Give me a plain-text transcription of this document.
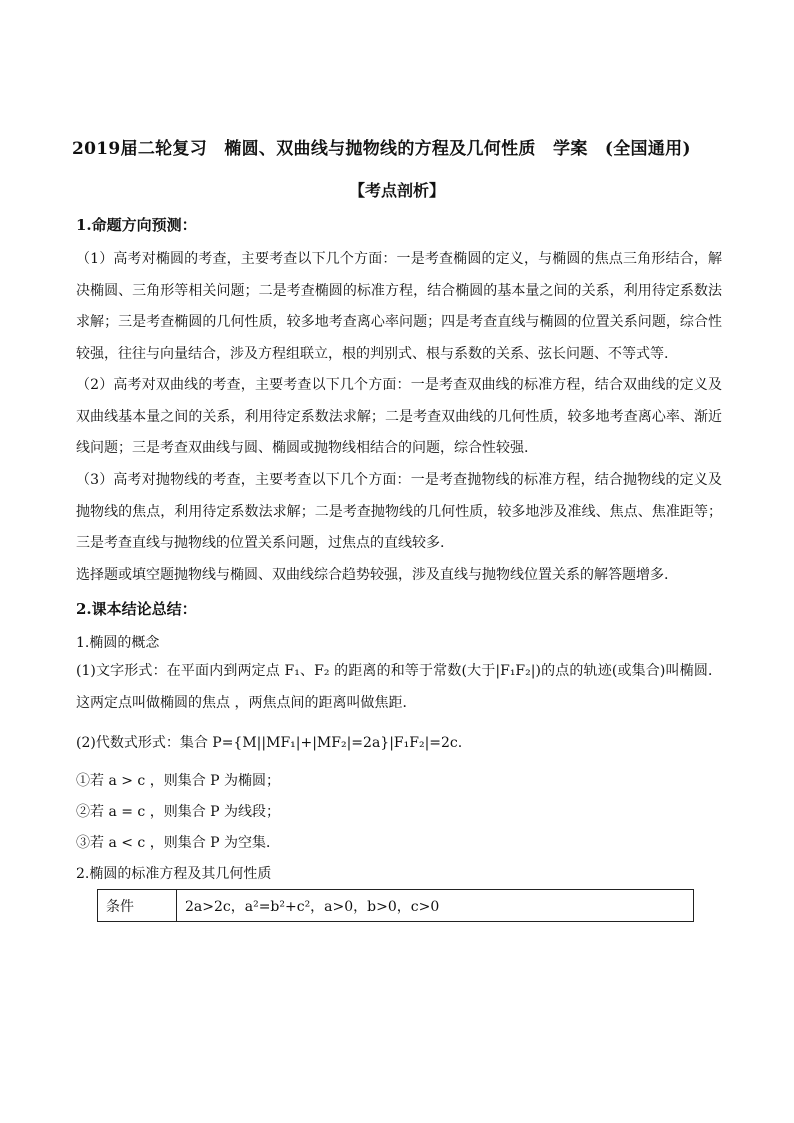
2019届二轮复习　椭圆、双曲线与抛物线的方程及几何性质　学案　(全国通用)
【考点剖析】
1.命题方向预测：
（1）高考对椭圆的考查，主要考查以下几个方面：一是考查椭圆的定义，与椭圆的焦点三角形结合，解决椭圆、三角形等相关问题；二是考查椭圆的标准方程，结合椭圆的基本量之间的关系，利用待定系数法求解；三是考查椭圆的几何性质，较多地考查离心率问题；四是考查直线与椭圆的位置关系问题，综合性较强，往往与向量结合，涉及方程组联立，根的判别式、根与系数的关系、弦长问题、不等式等.
（2）高考对双曲线的考查，主要考查以下几个方面：一是考查双曲线的标准方程，结合双曲线的定义及双曲线基本量之间的关系，利用待定系数法求解；二是考查双曲线的几何性质，较多地考查离心率、渐近线问题；三是考查双曲线与圆、椭圆或抛物线相结合的问题，综合性较强.
（3）高考对抛物线的考查，主要考查以下几个方面：一是考查抛物线的标准方程，结合抛物线的定义及抛物线的焦点，利用待定系数法求解；二是考查抛物线的几何性质，较多地涉及准线、焦点、焦准距等；三是考查直线与抛物线的位置关系问题，过焦点的直线较多.
选择题或填空题抛物线与椭圆、双曲线综合趋势较强，涉及直线与抛物线位置关系的解答题增多.
2.课本结论总结：
1.椭圆的概念
(1)文字形式：在平面内到两定点 F₁、F₂ 的距离的和等于常数(大于|F₁F₂|)的点的轨迹(或集合)叫椭圆．这两定点叫做椭圆的焦点 ，两焦点间的距离叫做焦距．
(2)代数式形式：集合 P={M||MF₁|+|MF₂|=2a}|F₁F₂|=2c.
①若 a > c ，则集合 P 为椭圆；
②若 a = c ，则集合 P 为线段；
③若 a < c ，则集合 P 为空集．
2.椭圆的标准方程及其几何性质
条件	2a>2c，a²=b²+c²，a>0，b>0，c>0
